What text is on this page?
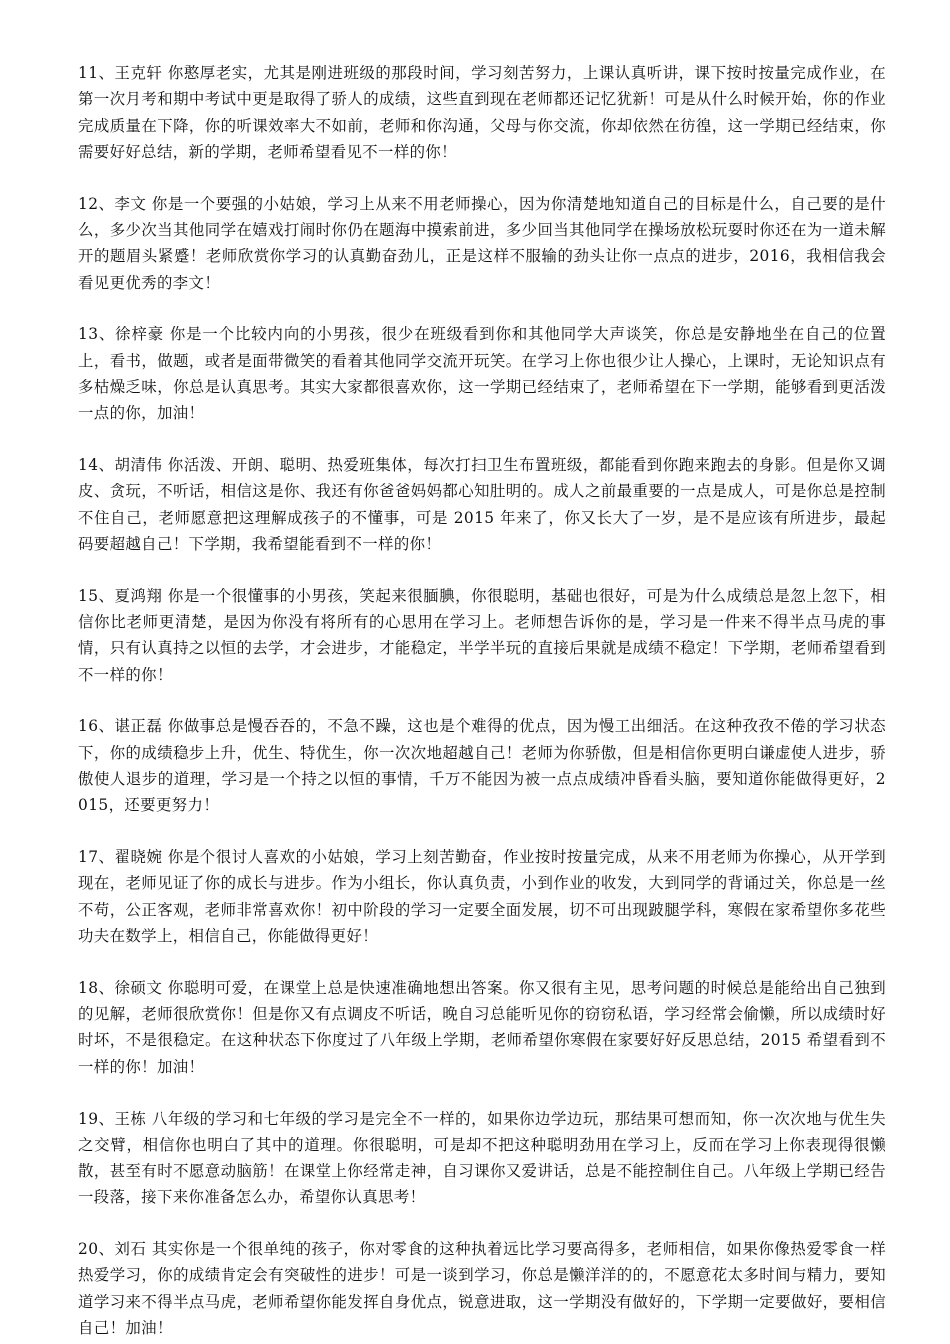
11、王克轩 你憨厚老实，尤其是刚进班级的那段时间，学习刻苦努力，上课认真听讲，课下按时按量完成作业，在第一次月考和期中考试中更是取得了骄人的成绩，这些直到现在老师都还记忆犹新！可是从什么时候开始，你的作业完成质量在下降，你的听课效率大不如前，老师和你沟通，父母与你交流，你却依然在彷徨，这一学期已经结束，你需要好好总结，新的学期，老师希望看见不一样的你！

12、李文 你是一个要强的小姑娘，学习上从来不用老师操心，因为你清楚地知道自己的目标是什么，自己要的是什么，多少次当其他同学在嬉戏打闹时你仍在题海中摸索前进，多少回当其他同学在操场放松玩耍时你还在为一道未解开的题眉头紧蹙！老师欣赏你学习的认真勤奋劲儿，正是这样不服输的劲头让你一点点的进步，2016，我相信我会看见更优秀的李文！

13、徐梓豪 你是一个比较内向的小男孩，很少在班级看到你和其他同学大声谈笑，你总是安静地坐在自己的位置上，看书，做题，或者是面带微笑的看着其他同学交流开玩笑。在学习上你也很少让人操心，上课时，无论知识点有多枯燥乏味，你总是认真思考。其实大家都很喜欢你，这一学期已经结束了，老师希望在下一学期，能够看到更活泼一点的你，加油！

14、胡清伟 你活泼、开朗、聪明、热爱班集体，每次打扫卫生布置班级，都能看到你跑来跑去的身影。但是你又调皮、贪玩，不听话，相信这是你、我还有你爸爸妈妈都心知肚明的。成人之前最重要的一点是成人，可是你总是控制不住自己，老师愿意把这理解成孩子的不懂事，可是 2015 年来了，你又长大了一岁，是不是应该有所进步，最起码要超越自己！下学期，我希望能看到不一样的你！

15、夏鸿翔 你是一个很懂事的小男孩，笑起来很腼腆，你很聪明，基础也很好，可是为什么成绩总是忽上忽下，相信你比老师更清楚，是因为你没有将所有的心思用在学习上。老师想告诉你的是，学习是一件来不得半点马虎的事情，只有认真持之以恒的去学，才会进步，才能稳定，半学半玩的直接后果就是成绩不稳定！下学期，老师希望看到不一样的你！

16、谌正磊 你做事总是慢吞吞的，不急不躁，这也是个难得的优点，因为慢工出细活。在这种孜孜不倦的学习状态下，你的成绩稳步上升，优生、特优生，你一次次地超越自己！老师为你骄傲，但是相信你更明白谦虚使人进步，骄傲使人退步的道理，学习是一个持之以恒的事情，千万不能因为被一点点成绩冲昏看头脑，要知道你能做得更好，2015，还要更努力！

17、翟晓婉 你是个很讨人喜欢的小姑娘，学习上刻苦勤奋，作业按时按量完成，从来不用老师为你操心，从开学到现在，老师见证了你的成长与进步。作为小组长，你认真负责，小到作业的收发，大到同学的背诵过关，你总是一丝不苟，公正客观，老师非常喜欢你！初中阶段的学习一定要全面发展，切不可出现跛腿学科，寒假在家希望你多花些功夫在数学上，相信自己，你能做得更好！

18、徐硕文 你聪明可爱，在课堂上总是快速准确地想出答案。你又很有主见，思考问题的时候总是能给出自己独到的见解，老师很欣赏你！但是你又有点调皮不听话，晚自习总能听见你的窃窃私语，学习经常会偷懒，所以成绩时好时坏，不是很稳定。在这种状态下你度过了八年级上学期，老师希望你寒假在家要好好反思总结，2015 希望看到不一样的你！加油！

19、王栋 八年级的学习和七年级的学习是完全不一样的，如果你边学边玩，那结果可想而知，你一次次地与优生失之交臂，相信你也明白了其中的道理。你很聪明，可是却不把这种聪明劲用在学习上，反而在学习上你表现得很懒散，甚至有时不愿意动脑筋！在课堂上你经常走神，自习课你又爱讲话，总是不能控制住自己。八年级上学期已经告一段落，接下来你准备怎么办，希望你认真思考！

20、刘石 其实你是一个很单纯的孩子，你对零食的这种执着远比学习要高得多，老师相信，如果你像热爱零食一样热爱学习，你的成绩肯定会有突破性的进步！可是一谈到学习，你总是懒洋洋的的，不愿意花太多时间与精力，要知道学习来不得半点马虎，老师希望你能发挥自身优点，锐意进取，这一学期没有做好的，下学期一定要做好，要相信自己！加油！
